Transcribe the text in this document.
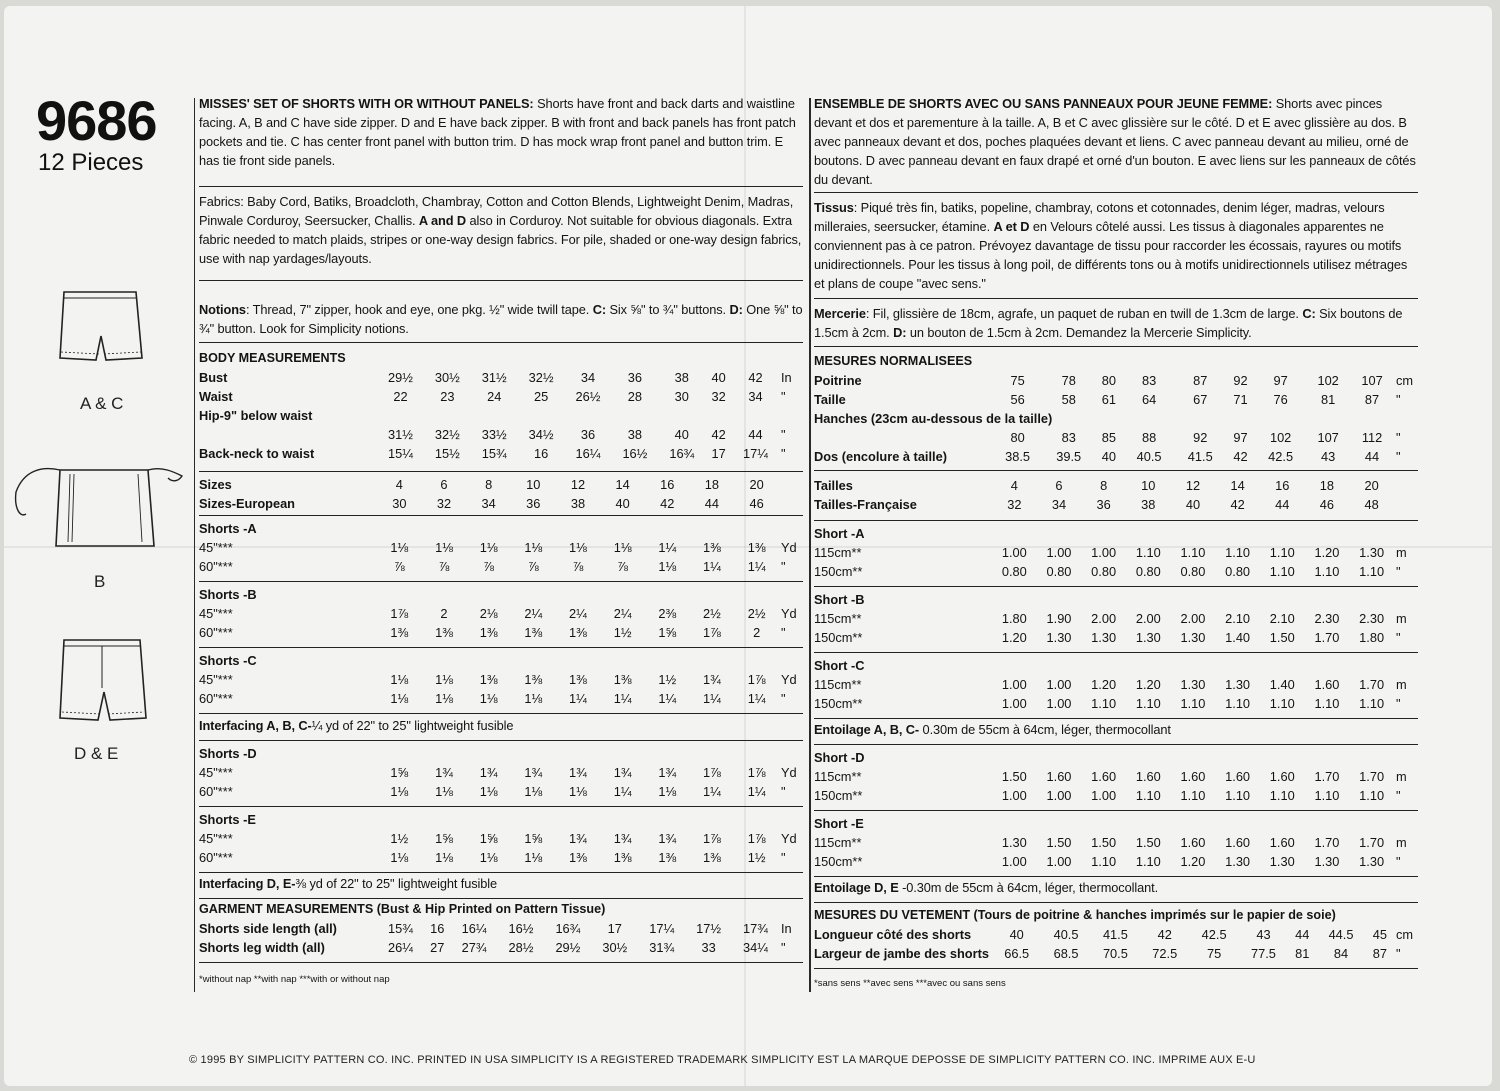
9686
12 Pieces
A & C
B
D & E
MISSES' SET OF SHORTS WITH OR WITHOUT PANELS: Shorts have front and back darts and waistline facing. A, B and C have side zipper. D and E have back zipper. B with front and back panels has front patch pockets and tie. C has center front panel with button trim. D has mock wrap front panel and button trim. E has tie front side panels.
Fabrics: Baby Cord, Batiks, Broadcloth, Chambray, Cotton and Cotton Blends, Lightweight Denim, Madras, Pinwale Corduroy, Seersucker, Challis. A and D also in Corduroy. Not suitable for obvious diagonals. Extra fabric needed to match plaids, stripes or one-way design fabrics. For pile, shaded or one-way design fabrics, use with nap yardages/layouts.
Notions: Thread, 7" zipper, hook and eye, one pkg. ½" wide twill tape. C: Six ⅝" to ¾" buttons. D: One ⅝" to ¾" button. Look for Simplicity notions.
BODY MEASUREMENTS
Bust	29½	30½	31½	32½	34	36	38	40	42	In
Waist	22	23	24	25	26½	28	30	32	34	"
Hip-9" below waist										
	31½	32½	33½	34½	36	38	40	42	44	"
Back-neck to waist	15¼	15½	15¾	16	16¼	16½	16¾	17	17¼	"
Sizes	4	6	8	10	12	14	16	18	20	
Sizes-European	30	32	34	36	38	40	42	44	46	
Shorts -A										
45"***	1⅛	1⅛	1⅛	1⅛	1⅛	1⅛	1¼	1⅜	1⅜	Yd
60"***	⅞	⅞	⅞	⅞	⅞	⅞	1⅛	1¼	1¼	"
Shorts -B										
45"***	1⅞	2	2⅛	2¼	2¼	2¼	2⅜	2½	2½	Yd
60"***	1⅜	1⅜	1⅜	1⅜	1⅜	1½	1⅝	1⅞	2	"
Shorts -C										
45"***	1⅛	1⅛	1⅜	1⅜	1⅜	1⅜	1½	1¾	1⅞	Yd
60"***	1⅛	1⅛	1⅛	1⅛	1¼	1¼	1¼	1¼	1¼	"
Interfacing A, B, C-¼ yd of 22" to 25" lightweight fusible
Shorts -D										
45"***	1⅝	1¾	1¾	1¾	1¾	1¾	1¾	1⅞	1⅞	Yd
60"***	1⅛	1⅛	1⅛	1⅛	1⅛	1¼	1⅛	1¼	1¼	"
Shorts -E										
45"***	1½	1⅝	1⅝	1⅝	1¾	1¾	1¾	1⅞	1⅞	Yd
60"***	1⅛	1⅛	1⅛	1⅛	1⅜	1⅜	1⅜	1⅜	1½	"
Interfacing D, E-⅜ yd of 22" to 25" lightweight fusible
GARMENT MEASUREMENTS (Bust & Hip Printed on Pattern Tissue)
Shorts side length (all)	15¾	16	16¼	16½	16¾	17	17¼	17½	17¾	In
Shorts leg width (all)	26¼	27	27¾	28½	29½	30½	31¾	33	34¼	"
*without nap **with nap ***with or without nap
ENSEMBLE DE SHORTS AVEC OU SANS PANNEAUX POUR JEUNE FEMME: Shorts avec pinces devant et dos et parementure à la taille. A, B et C avec glissière sur le côté. D et E avec glissière au dos. B avec panneaux devant et dos, poches plaquées devant et liens. C avec panneau devant au milieu, orné de boutons. D avec panneau devant en faux drapé et orné d'un bouton. E avec liens sur les panneaux de côtés du devant.
Tissus: Piqué très fin, batiks, popeline, chambray, cotons et cotonnades, denim léger, madras, velours milleraies, seersucker, étamine. A et D en Velours côtelé aussi. Les tissus à diagonales apparentes ne conviennent pas à ce patron. Prévoyez davantage de tissu pour raccorder les écossais, rayures ou motifs unidirectionnels. Pour les tissus à long poil, de différents tons ou à motifs unidirectionnels utilisez métrages et plans de coupe "avec sens."
Mercerie: Fil, glissière de 18cm, agrafe, un paquet de ruban en twill de 1.3cm de large. C: Six boutons de 1.5cm à 2cm. D: un bouton de 1.5cm à 2cm. Demandez la Mercerie Simplicity.
MESURES NORMALISEES
Poitrine	75	78	80	83	87	92	97	102	107	cm
Taille	56	58	61	64	67	71	76	81	87	"
Hanches (23cm au-dessous de la taille)										
	80	83	85	88	92	97	102	107	112	"
Dos (encolure à taille)	38.5	39.5	40	40.5	41.5	42	42.5	43	44	"
Tailles	4	6	8	10	12	14	16	18	20	
Tailles-Française	32	34	36	38	40	42	44	46	48	
Short -A										
115cm**	1.00	1.00	1.00	1.10	1.10	1.10	1.10	1.20	1.30	m
150cm**	0.80	0.80	0.80	0.80	0.80	0.80	1.10	1.10	1.10	"
Short -B										
115cm**	1.80	1.90	2.00	2.00	2.00	2.10	2.10	2.30	2.30	m
150cm**	1.20	1.30	1.30	1.30	1.30	1.40	1.50	1.70	1.80	"
Short -C										
115cm**	1.00	1.00	1.20	1.20	1.30	1.30	1.40	1.60	1.70	m
150cm**	1.00	1.00	1.10	1.10	1.10	1.10	1.10	1.10	1.10	"
Entoilage A, B, C- 0.30m de 55cm à 64cm, léger, thermocollant
Short -D										
115cm**	1.50	1.60	1.60	1.60	1.60	1.60	1.60	1.70	1.70	m
150cm**	1.00	1.00	1.00	1.10	1.10	1.10	1.10	1.10	1.10	"
Short -E										
115cm**	1.30	1.50	1.50	1.50	1.60	1.60	1.60	1.70	1.70	m
150cm**	1.00	1.00	1.10	1.10	1.20	1.30	1.30	1.30	1.30	"
Entoilage D, E -0.30m de 55cm à 64cm, léger, thermocollant.
MESURES DU VETEMENT (Tours de poitrine & hanches imprimés sur le papier de soie)
Longueur côté des shorts	40	40.5	41.5	42	42.5	43	44	44.5	45	cm
Largeur de jambe des shorts	66.5	68.5	70.5	72.5	75	77.5	81	84	87	"
*sans sens **avec sens ***avec ou sans sens
© 1995 BY SIMPLICITY PATTERN CO. INC. PRINTED IN USA SIMPLICITY IS A REGISTERED TRADEMARK SIMPLICITY EST LA MARQUE DEPOSSE DE SIMPLICITY PATTERN CO. INC. IMPRIME AUX E-U
